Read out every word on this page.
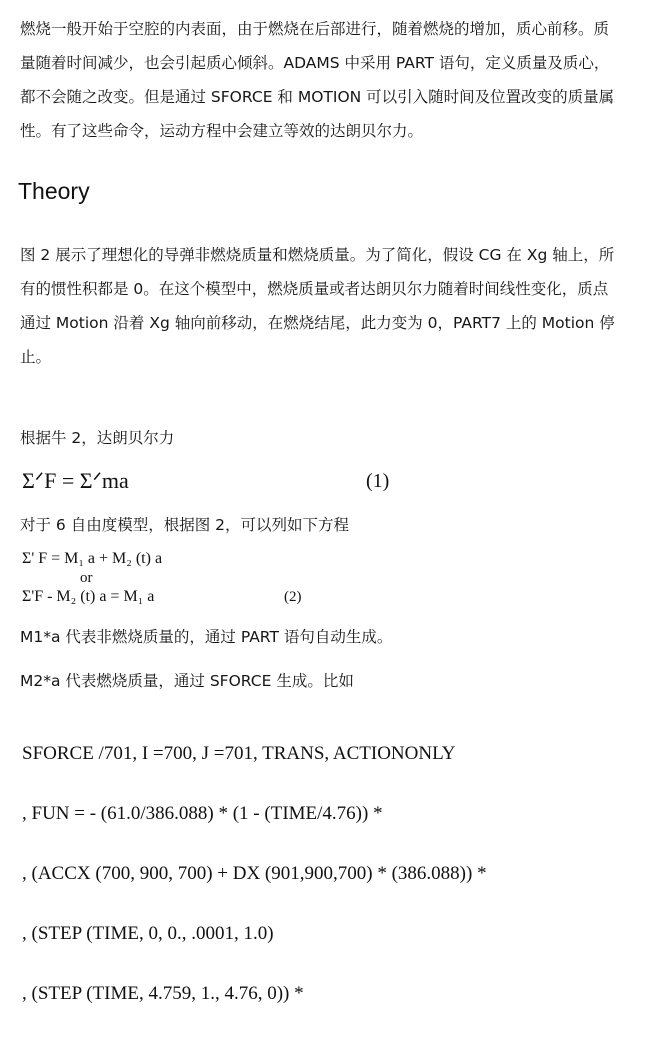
燃烧一般开始于空腔的内表面，由于燃烧在后部进行，随着燃烧的增加，质心前移。质量随着时间减少，也会引起质心倾斜。ADAMS 中采用 PART 语句，定义质量及质心，都不会随之改变。但是通过 SFORCE 和 MOTION 可以引入随时间及位置改变的质量属性。有了这些命令，运动方程中会建立等效的达朗贝尔力。

Theory

图 2 展示了理想化的导弹非燃烧质量和燃烧质量。为了简化，假设 CG 在 Xg 轴上，所有的惯性积都是 0。在这个模型中，燃烧质量或者达朗贝尔力随着时间线性变化，质点通过 Motion 沿着 Xg 轴向前移动，在燃烧结尾，此力变为 0，PART7 上的 Motion 停止。

根据牛 2，达朗贝尔力

ΣᐟF = Σᐟma	(1)

对于 6 自由度模型，根据图 2，可以列如下方程

Σ' F = M₁ a + M₂ (t) a
or
Σ'F - M₂ (t) a = M₁ a	(2)

M1*a 代表非燃烧质量的，通过 PART 语句自动生成。

M2*a 代表燃烧质量，通过 SFORCE 生成。比如

SFORCE /701, I =700, J =701, TRANS, ACTIONONLY

, FUN = - (61.0/386.088) * (1 - (TIME/4.76)) *

, (ACCX (700, 900, 700) + DX (901,900,700) * (386.088)) *

, (STEP (TIME, 0, 0., .0001, 1.0)

, (STEP (TIME, 4.759, 1., 4.76, 0)) *
